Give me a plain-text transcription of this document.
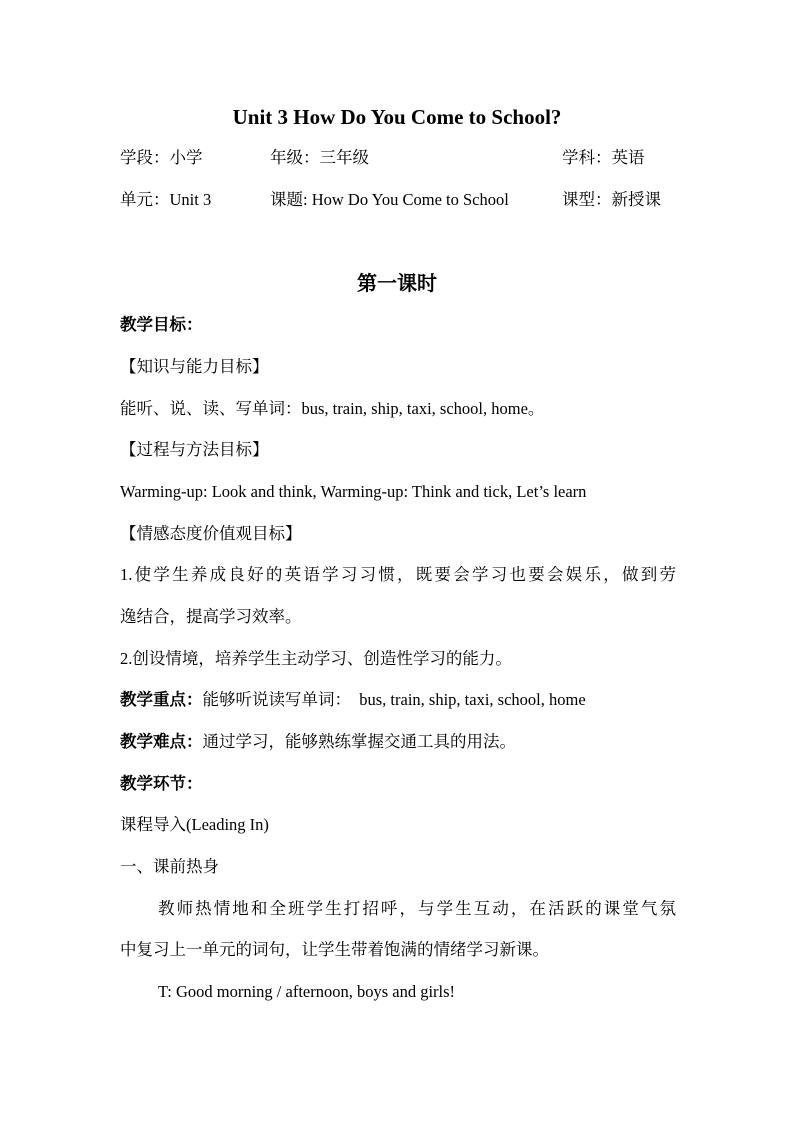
Unit 3 How Do You Come to School?
学段：小学	年级：三年级	学科：英语
单元：Unit 3	课题: How Do You Come to School	课型：新授课
第一课时
教学目标：
【知识与能力目标】
能听、说、读、写单词：bus, train, ship, taxi, school, home。
【过程与方法目标】
Warming-up: Look and think, Warming-up: Think and tick, Let’s learn
【情感态度价值观目标】
1.使学生养成良好的英语学习习惯，既要会学习也要会娱乐，做到劳
逸结合，提高学习效率。
2.创设情境，培养学生主动学习、创造性学习的能力。
教学重点：能够听说读写单词：  bus, train, ship, taxi, school, home
教学难点：通过学习，能够熟练掌握交通工具的用法。
教学环节：
课程导入(Leading In)
一、课前热身
教师热情地和全班学生打招呼，与学生互动，在活跃的课堂气氛
中复习上一单元的词句，让学生带着饱满的情绪学习新课。
T: Good morning / afternoon, boys and girls!
